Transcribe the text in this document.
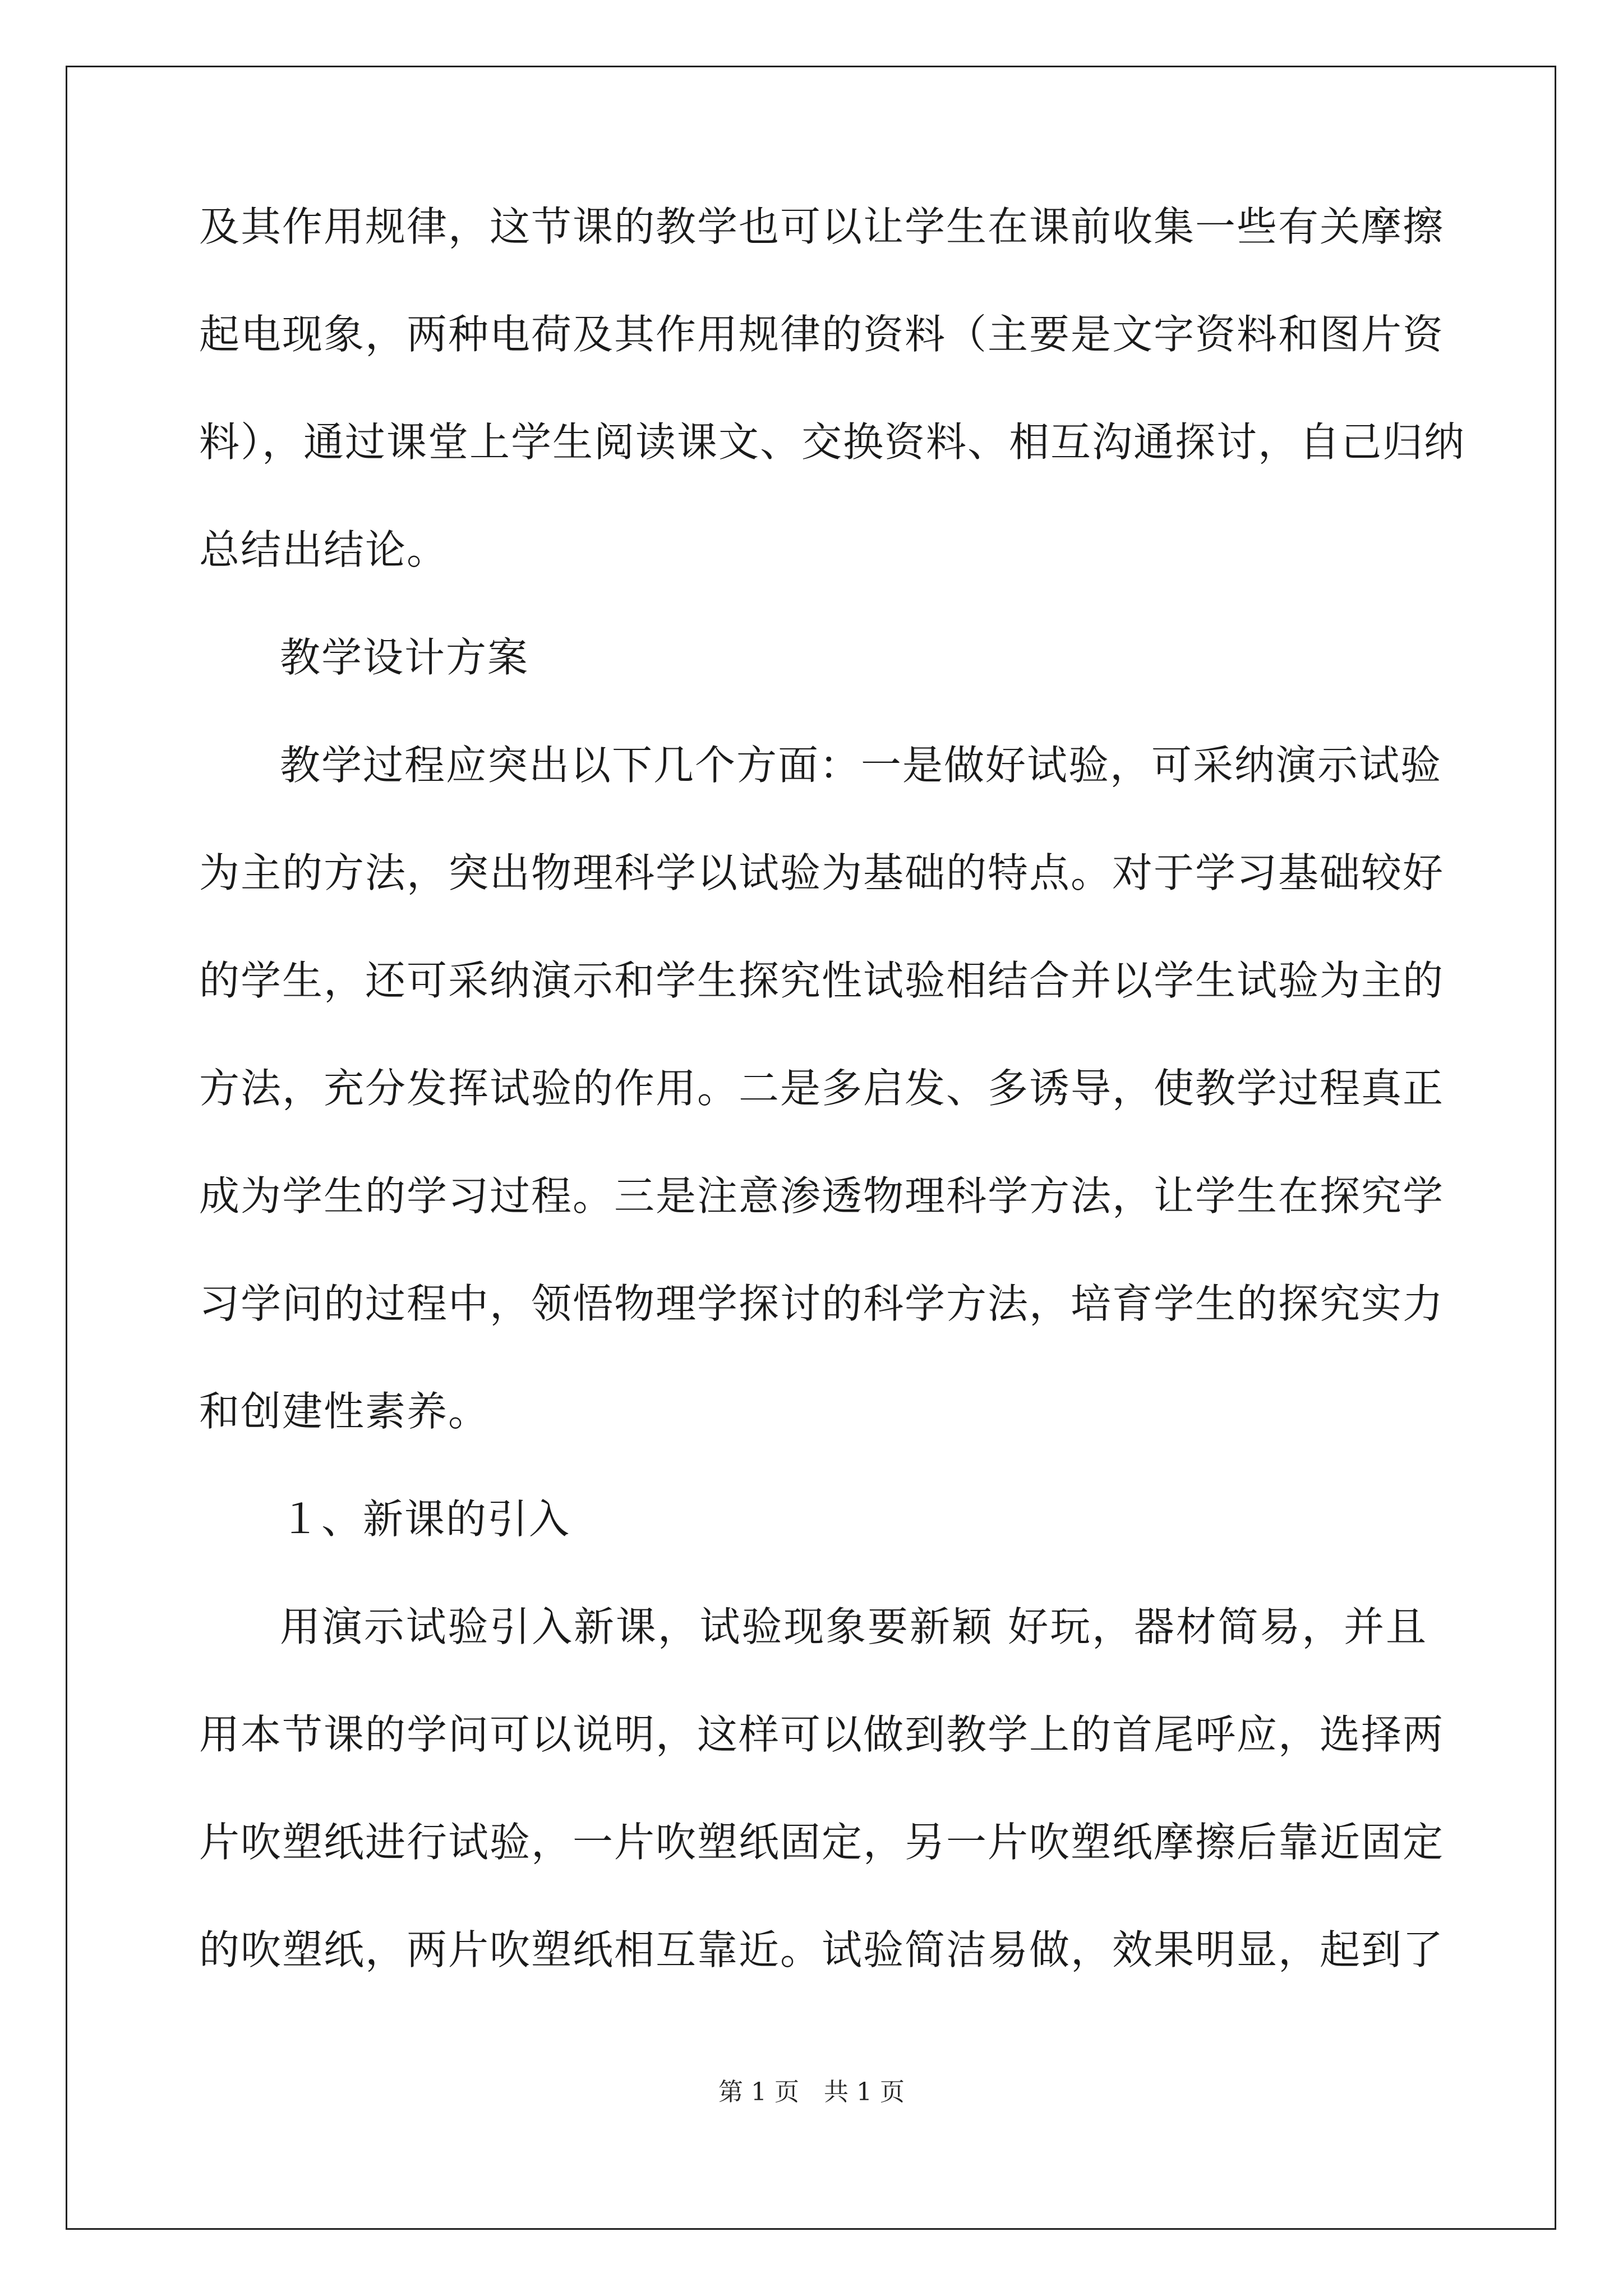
及其作用规律，这节课的教学也可以让学生在课前收集一些有关摩擦
起电现象，两种电荷及其作用规律的资料（主要是文字资料和图片资
料），通过课堂上学生阅读课文、交换资料、相互沟通探讨，自己归纳
总结出结论。
教学设计方案
教学过程应突出以下几个方面：一是做好试验，可采纳演示试验
为主的方法，突出物理科学以试验为基础的特点。对于学习基础较好
的学生，还可采纳演示和学生探究性试验相结合并以学生试验为主的
方法，充分发挥试验的作用。二是多启发、多诱导，使教学过程真正
成为学生的学习过程。三是注意渗透物理科学方法，让学生在探究学
习学问的过程中，领悟物理学探讨的科学方法，培育学生的探究实力
和创建性素养。
１、新课的引入
用演示试验引入新课，试验现象要新颖 好玩，器材简易，并且
用本节课的学问可以说明，这样可以做到教学上的首尾呼应，选择两
片吹塑纸进行试验，一片吹塑纸固定，另一片吹塑纸摩擦后靠近固定
的吹塑纸，两片吹塑纸相互靠近。试验简洁易做，效果明显，起到了
第 1 页　共 1 页
